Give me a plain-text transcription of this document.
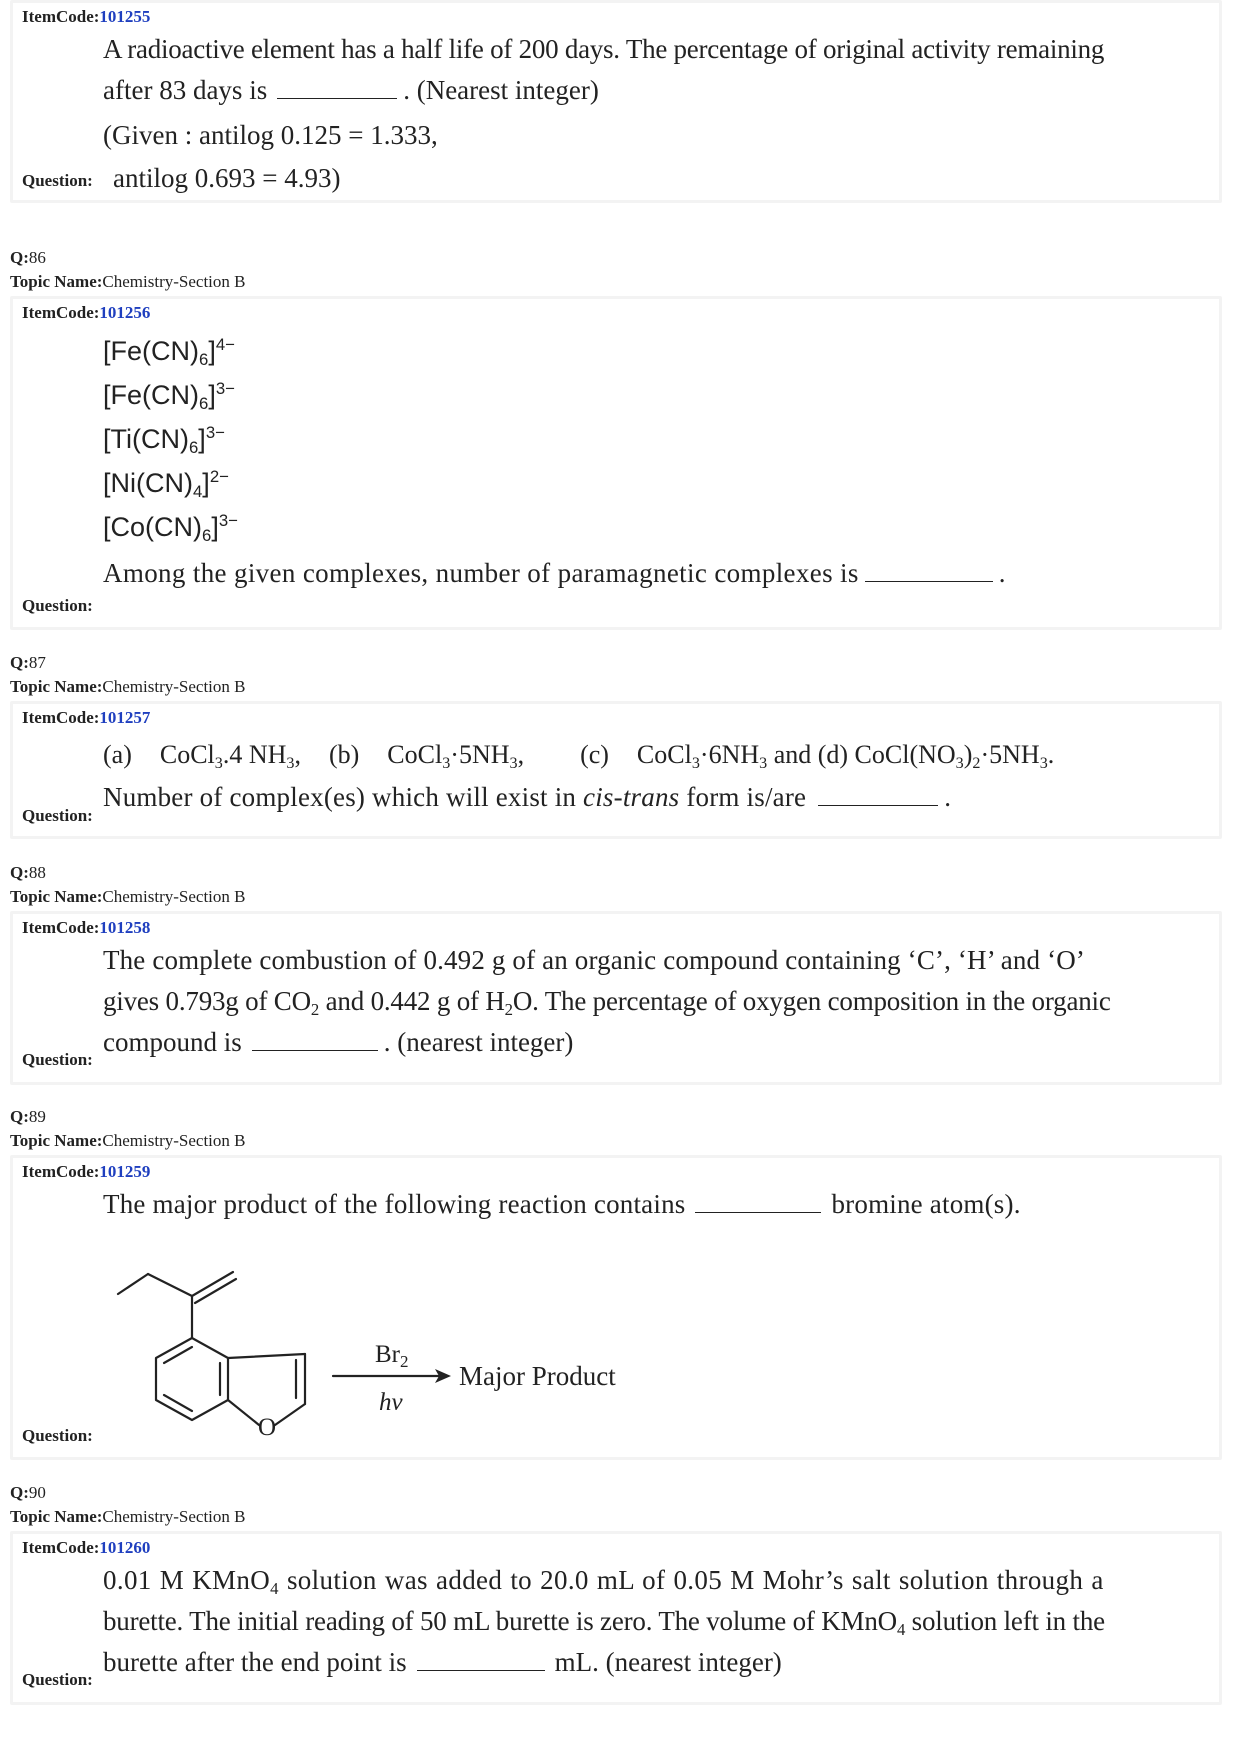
ItemCode:101255
A radioactive element has a half life of 200 days. The percentage of original activity remaining
after 83 days is	. (Nearest integer)
(Given : antilog 0.125 = 1.333,
antilog 0.693 = 4.93)
Question:
Q:86
Topic Name:Chemistry-Section B
ItemCode:101256
$[Fe(CN)_6]^{4-}$
$[Fe(CN)_6]^{3-}$
$[Ti(CN)_6]^{3-}$
$[Ni(CN)_4]^{2-}$
$[Co(CN)_6]^{3-}$
Among the given complexes, number of paramagnetic complexes is	.
Question:
Q:87
Topic Name:Chemistry-Section B
ItemCode:101257
(a) CoCl$_3$.4 $NH_3$, (b) $CoCl_3\cdot 5NH_3$, (c) $CoCl_3\cdot 6NH_3$ and (d) $CoCl(NO_3)_2\cdot 5NH_3$.
Number of complex(es) which will exist in cis-trans form is/are	.
Question:
Q:88
Topic Name:Chemistry-Section B
ItemCode:101258
The complete combustion of 0.492 g of an organic compound containing ‘C’, ‘H’ and ‘O’
gives 0.793g of $CO_2$ and 0.442 g of $H_2O$. The percentage of oxygen composition in the organic
compound is	. (nearest integer)
Question:
Q:89
Topic Name:Chemistry-Section B
ItemCode:101259
The major product of the following reaction contains	bromine atom(s).
O
$Br_2$
hν
Major Product
Question:
Q:90
Topic Name:Chemistry-Section B
ItemCode:101260
0.01 M KMnO$_4$ solution was added to 20.0 mL of 0.05 M Mohr’s salt solution through a
burette. The initial reading of 50 mL burette is zero. The volume of KMnO$_4$ solution left in the
burette after the end point is	mL. (nearest integer)
Question:
